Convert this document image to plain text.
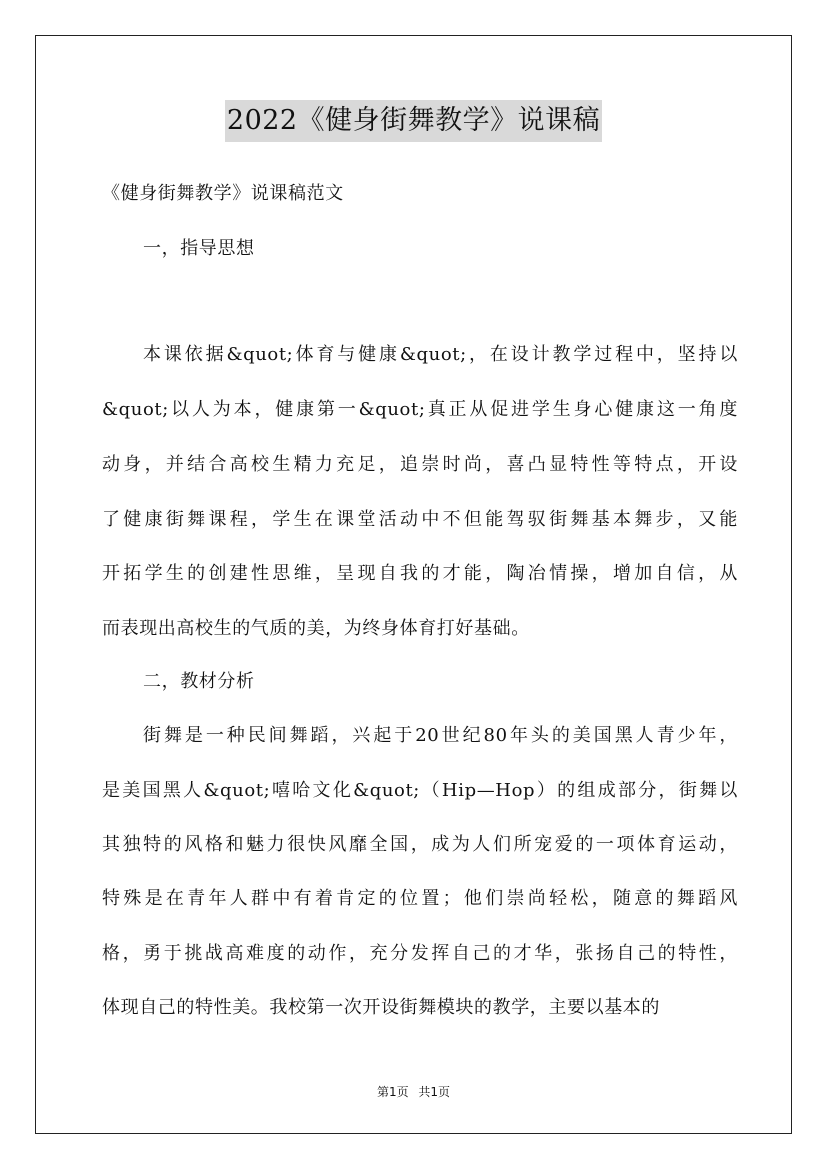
2022《健身街舞教学》说课稿
《健身街舞教学》说课稿范文
一，指导思想
本课依据&quot;体育与健康&quot;，在设计教学过程中，坚持以
&quot;以人为本，健康第一&quot;真正从促进学生身心健康这一角度
动身，并结合高校生精力充足，追崇时尚，喜凸显特性等特点，开设
了健康街舞课程，学生在课堂活动中不但能驾驭街舞基本舞步，又能
开拓学生的创建性思维，呈现自我的才能，陶冶情操，增加自信，从
而表现出高校生的气质的美，为终身体育打好基础。
二，教材分析
街舞是一种民间舞蹈，兴起于20世纪80年头的美国黑人青少年，
是美国黑人&quot;嘻哈文化&quot;（Hip—Hop）的组成部分，街舞以
其独特的风格和魅力很快风靡全国，成为人们所宠爱的一项体育运动，
特殊是在青年人群中有着肯定的位置；他们崇尚轻松，随意的舞蹈风
格，勇于挑战高难度的动作，充分发挥自己的才华，张扬自己的特性，
体现自己的特性美。我校第一次开设街舞模块的教学，主要以基本的
第1页 共1页
